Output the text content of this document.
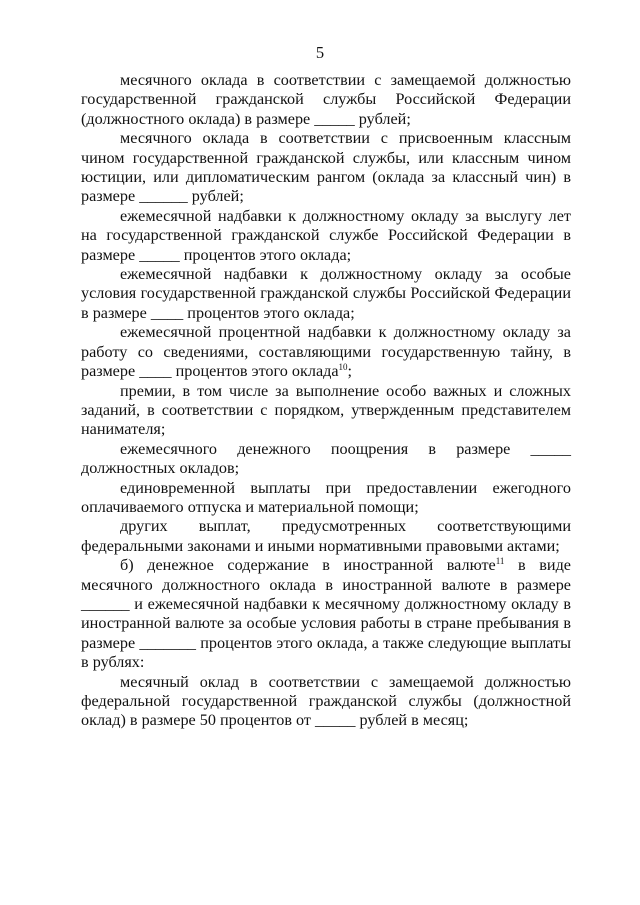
5

месячного оклада в соответствии с замещаемой должностью государственной гражданской службы Российской Федерации (должностного оклада) в размере _____ рублей;

месячного оклада в соответствии с присвоенным классным чином государственной гражданской службы, или классным чином юстиции, или дипломатическим рангом (оклада за классный чин) в размере ______ рублей;

ежемесячной надбавки к должностному окладу за выслугу лет на государственной гражданской службе Российской Федерации в размере _____ процентов этого оклада;

ежемесячной надбавки к должностному окладу за особые условия государственной гражданской службы Российской Федерации в размере ____ процентов этого оклада;

ежемесячной процентной надбавки к должностному окладу за работу со сведениями, составляющими государственную тайну, в размере ____ процентов этого оклада$^{10}$;

премии, в том числе за выполнение особо важных и сложных заданий, в соответствии с порядком, утвержденным представителем нанимателя;

ежемесячного денежного поощрения в размере _____ должностных окладов;

единовременной выплаты при предоставлении ежегодного оплачиваемого отпуска и материальной помощи;

других выплат, предусмотренных соответствующими федеральными законами и иными нормативными правовыми актами;

б) денежное содержание в иностранной валюте$^{11}$ в виде месячного должностного оклада в иностранной валюте в размере ______ и ежемесячной надбавки к месячному должностному окладу в иностранной валюте за особые условия работы в стране пребывания в размере _______ процентов этого оклада, а также следующие выплаты в рублях:

месячный оклад в соответствии с замещаемой должностью федеральной государственной гражданской службы (должностной оклад) в размере 50 процентов от _____ рублей в месяц;
